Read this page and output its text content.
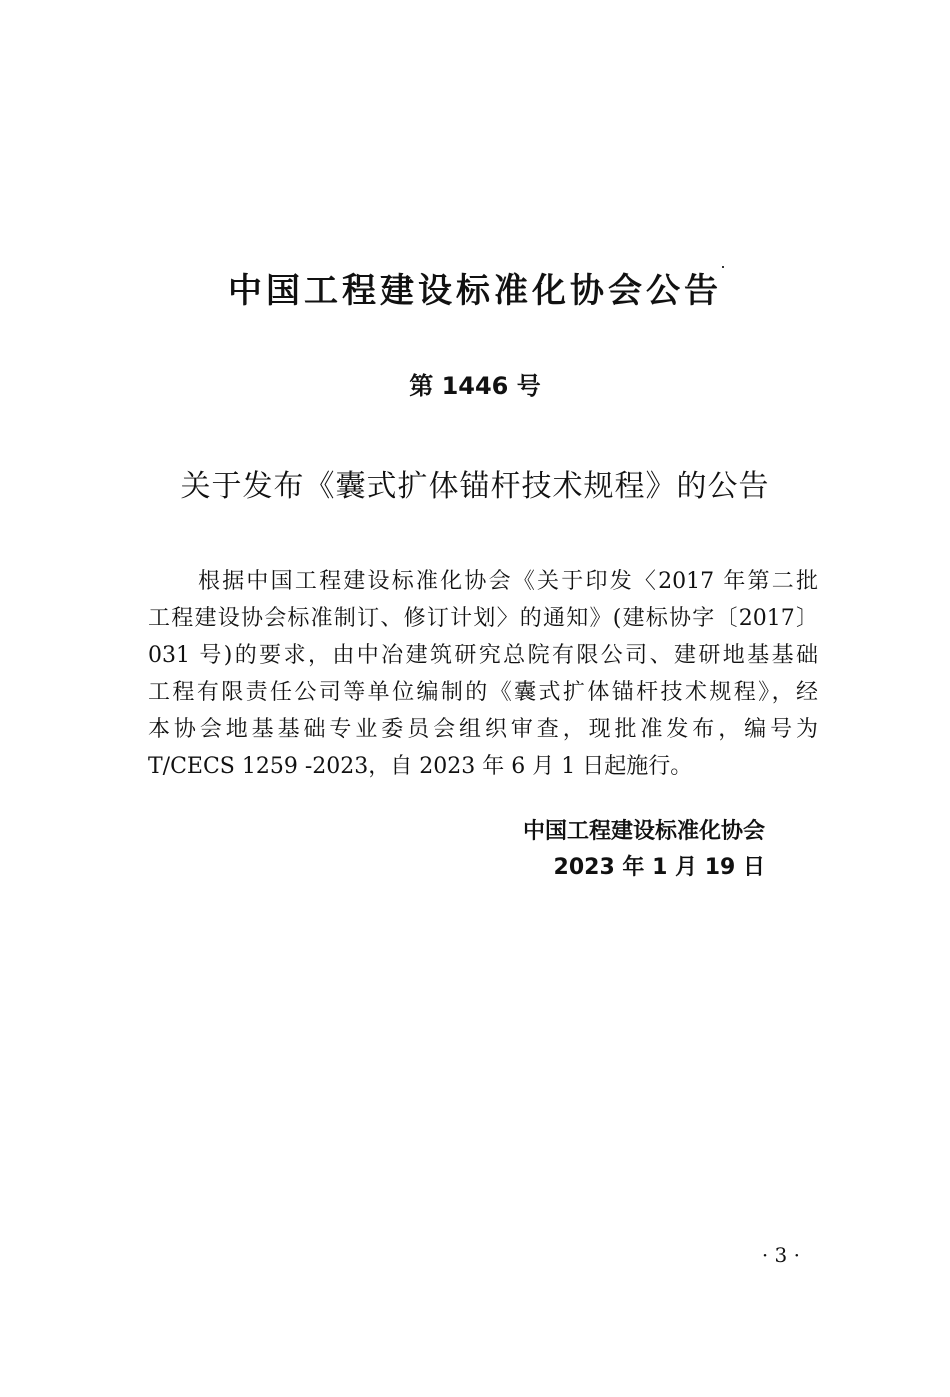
中国工程建设标准化协会公告
第 1446 号
关于发布《囊式扩体锚杆技术规程》的公告
根据中国工程建设标准化协会《关于印发〈2017 年第二批
工程建设协会标准制订、修订计划〉的通知》(建标协字〔2017〕
031 号)的要求，由中冶建筑研究总院有限公司、建研地基基础
工程有限责任公司等单位编制的《囊式扩体锚杆技术规程》，经
本协会地基基础专业委员会组织审查，现批准发布，编号为
T/CECS 1259 -2023，自 2023 年 6 月 1 日起施行。
中国工程建设标准化协会
2023 年 1 月 19 日
· 3 ·
